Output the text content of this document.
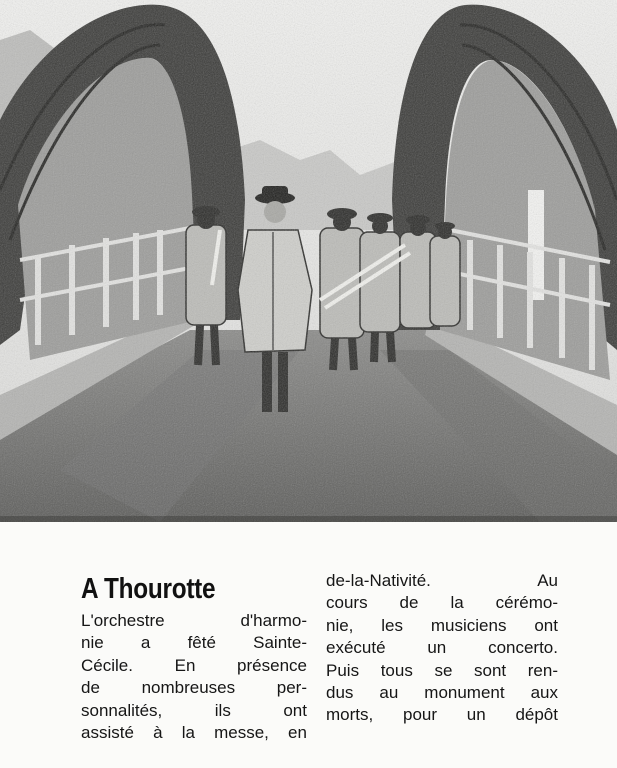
A Thourotte
L'orchestre	d'harmo-
nie a fêté Sainte-
Cécile. En présence
de nombreuses per-
sonnalités,	ils	ont
assisté à la messe, en
de-la-Nativité.	Au
cours de la cérémo-
nie, les musiciens ont
exécuté un concerto.
Puis tous se sont ren-
dus au monument aux
morts, pour un dépôt
